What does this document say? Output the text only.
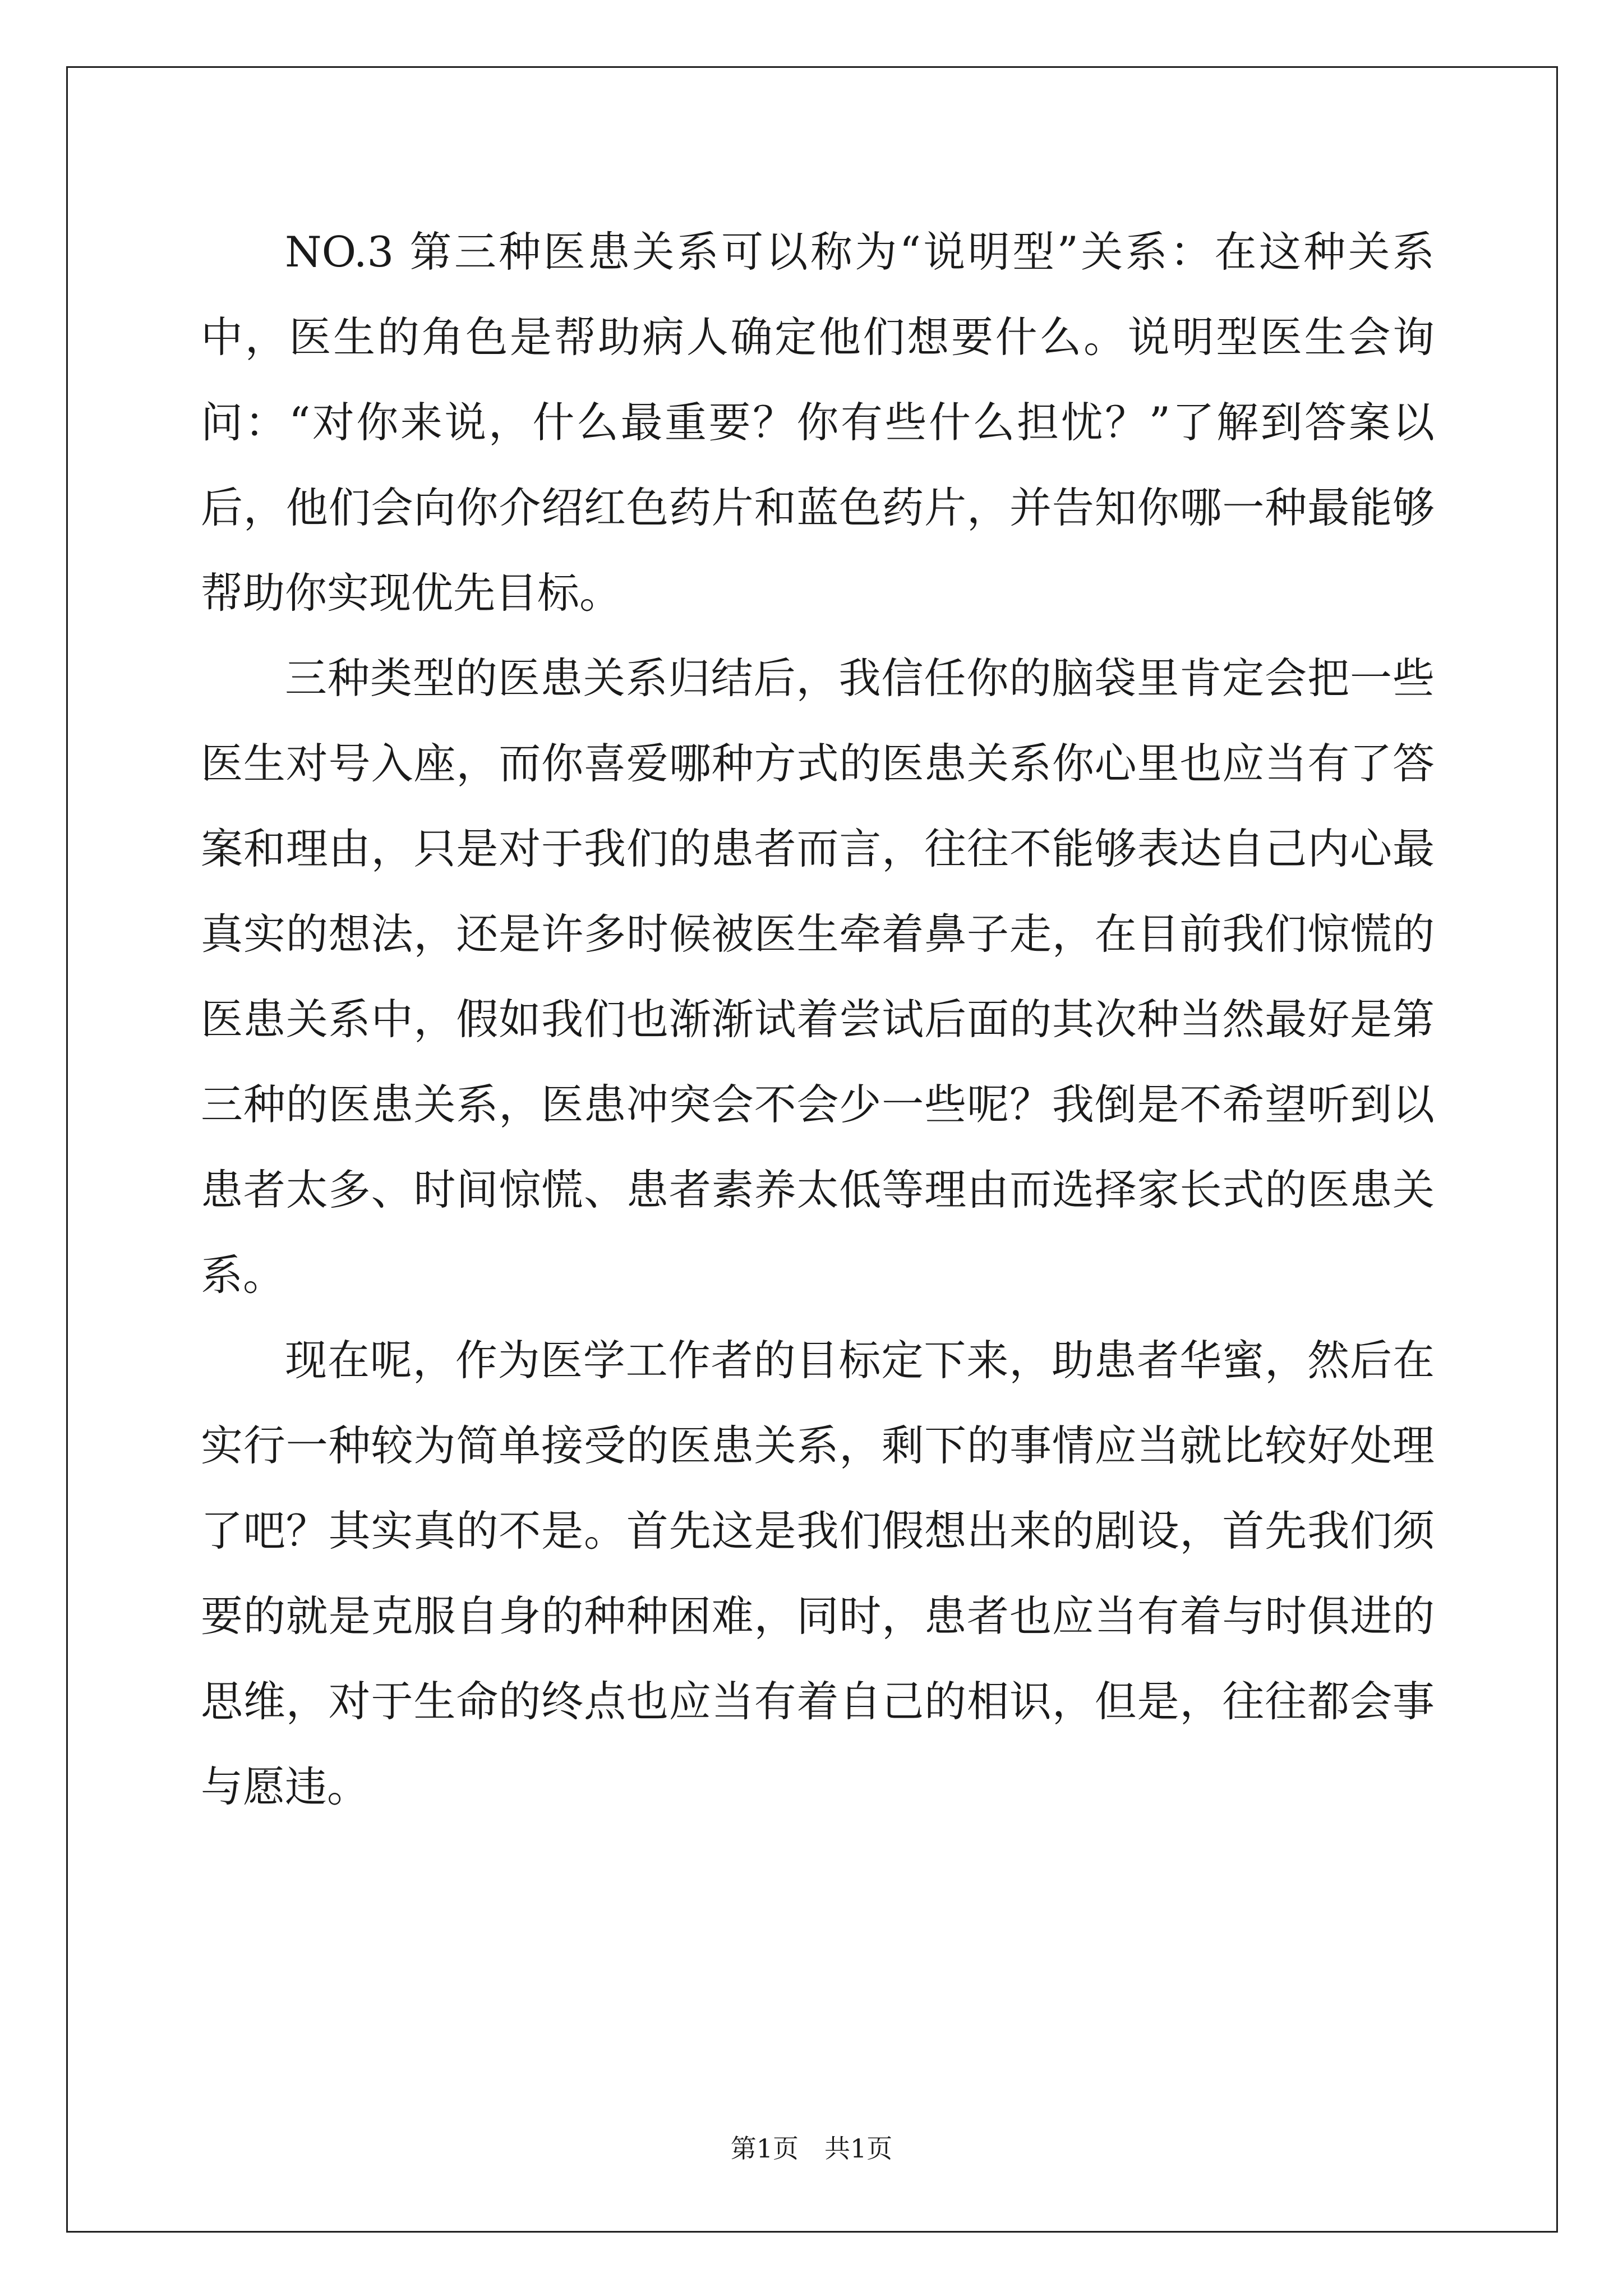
NO.3 第三种医患关系可以称为“说明型”关系：在这种关系中，医生的角色是帮助病人确定他们想要什么。说明型医生会询问：“对你来说，什么最重要？你有些什么担忧？”了解到答案以后，他们会向你介绍红色药片和蓝色药片，并告知你哪一种最能够帮助你实现优先目标。

三种类型的医患关系归结后，我信任你的脑袋里肯定会把一些医生对号入座，而你喜爱哪种方式的医患关系你心里也应当有了答案和理由，只是对于我们的患者而言，往往不能够表达自己内心最真实的想法，还是许多时候被医生牵着鼻子走，在目前我们惊慌的医患关系中，假如我们也渐渐试着尝试后面的其次种当然最好是第三种的医患关系，医患冲突会不会少一些呢？我倒是不希望听到以患者太多、时间惊慌、患者素养太低等理由而选择家长式的医患关系。

现在呢，作为医学工作者的目标定下来，助患者华蜜，然后在实行一种较为简单接受的医患关系，剩下的事情应当就比较好处理了吧？其实真的不是。首先这是我们假想出来的剧设，首先我们须要的就是克服自身的种种困难，同时，患者也应当有着与时俱进的思维，对于生命的终点也应当有着自己的相识，但是，往往都会事与愿违。

第1页　共1页
